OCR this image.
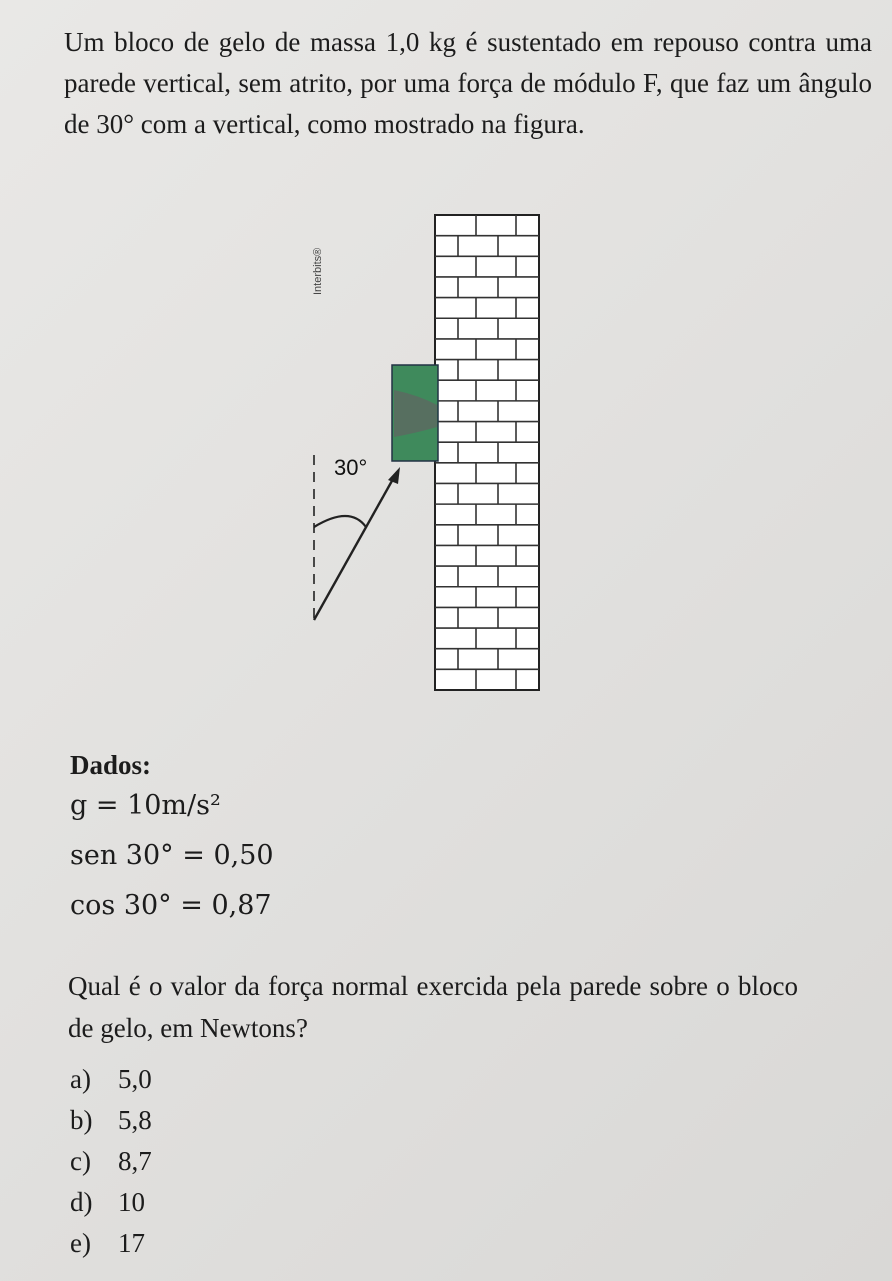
Um bloco de gelo de massa 1,0 kg é sustentado em repouso contra uma parede vertical, sem atrito, por uma força de módulo F, que faz um ângulo de 30° com a vertical, como mostrado na figura.
30°
Interbits®
Dados:
g = 10m/s²
sen 30° = 0,50
cos 30° = 0,87
Qual é o valor da força normal exercida pela parede sobre o bloco de gelo, em Newtons?
a) 5,0
b) 5,8
c) 8,7
d) 10
e) 17
